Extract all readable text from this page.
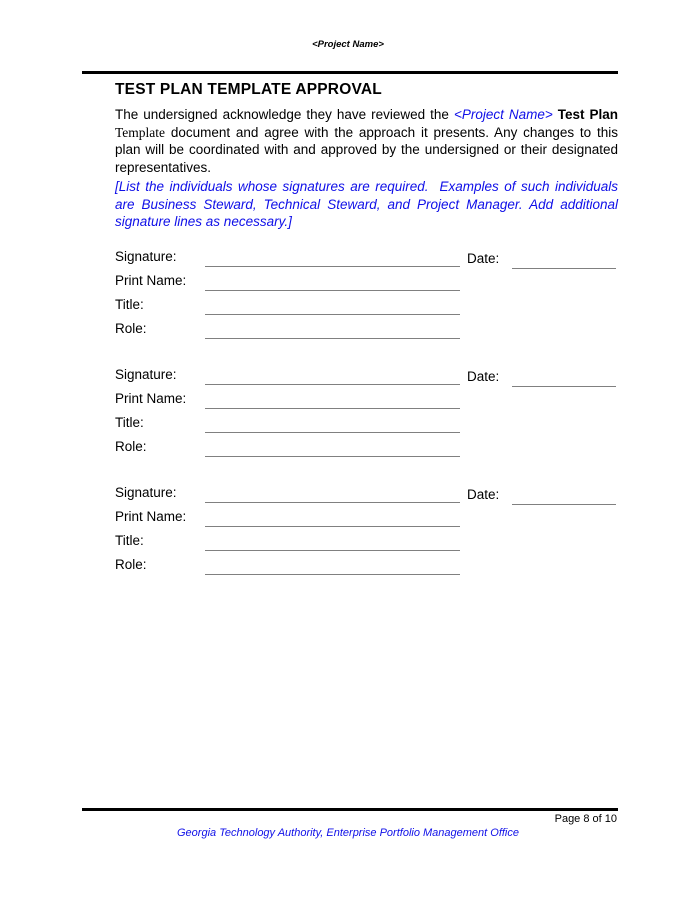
<Project Name>
TEST PLAN TEMPLATE APPROVAL

The undersigned acknowledge they have reviewed the <Project Name> Test Plan Template document and agree with the approach it presents. Any changes to this plan will be coordinated with and approved by the undersigned or their designated representatives.

[List the individuals whose signatures are required.  Examples of such individuals are Business Steward, Technical Steward, and Project Manager. Add additional signature lines as necessary.]

Signature:	Date:
Print Name:
Title:
Role:
Signature:	Date:
Print Name:
Title:
Role:
Signature:	Date:
Print Name:
Title:
Role:
Page 8 of 10
Georgia Technology Authority, Enterprise Portfolio Management Office
